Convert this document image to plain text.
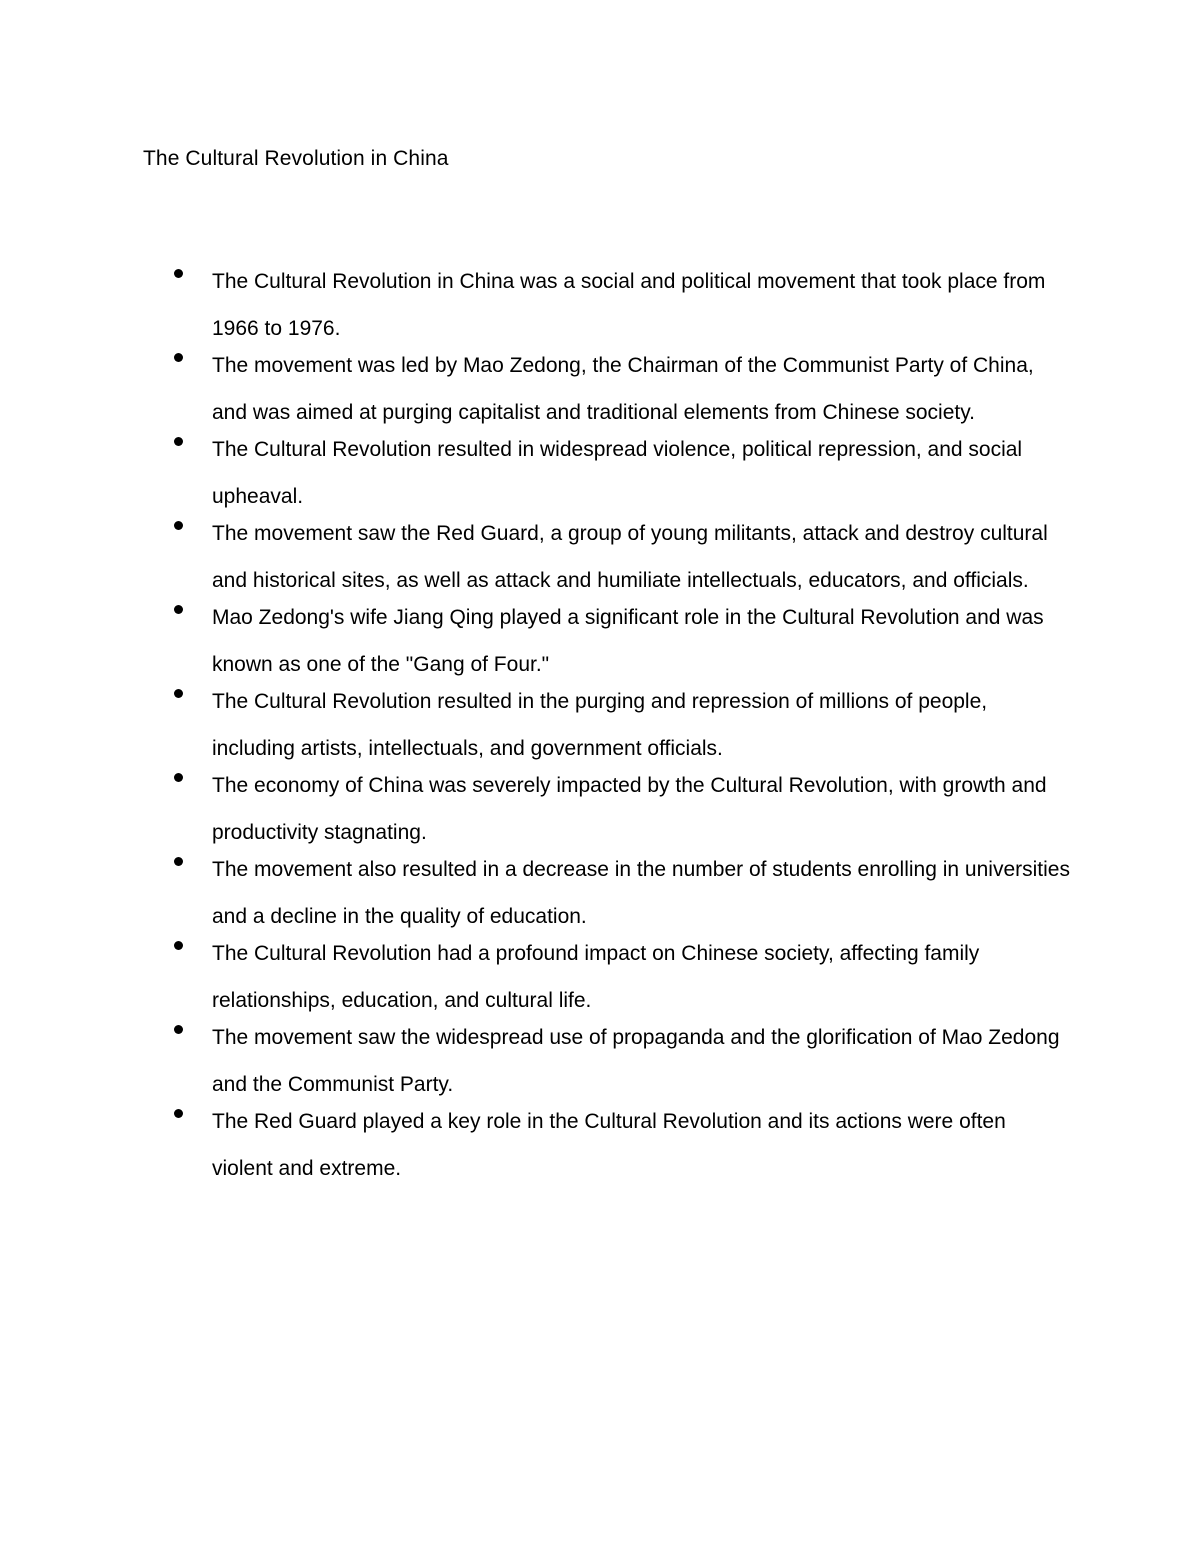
The Cultural Revolution in China
The Cultural Revolution in China was a social and political movement that took place from 1966 to 1976.
The movement was led by Mao Zedong, the Chairman of the Communist Party of China, and was aimed at purging capitalist and traditional elements from Chinese society.
The Cultural Revolution resulted in widespread violence, political repression, and social upheaval.
The movement saw the Red Guard, a group of young militants, attack and destroy cultural and historical sites, as well as attack and humiliate intellectuals, educators, and officials.
Mao Zedong's wife Jiang Qing played a significant role in the Cultural Revolution and was known as one of the "Gang of Four."
The Cultural Revolution resulted in the purging and repression of millions of people, including artists, intellectuals, and government officials.
The economy of China was severely impacted by the Cultural Revolution, with growth and productivity stagnating.
The movement also resulted in a decrease in the number of students enrolling in universities and a decline in the quality of education.
The Cultural Revolution had a profound impact on Chinese society, affecting family relationships, education, and cultural life.
The movement saw the widespread use of propaganda and the glorification of Mao Zedong and the Communist Party.
The Red Guard played a key role in the Cultural Revolution and its actions were often violent and extreme.
